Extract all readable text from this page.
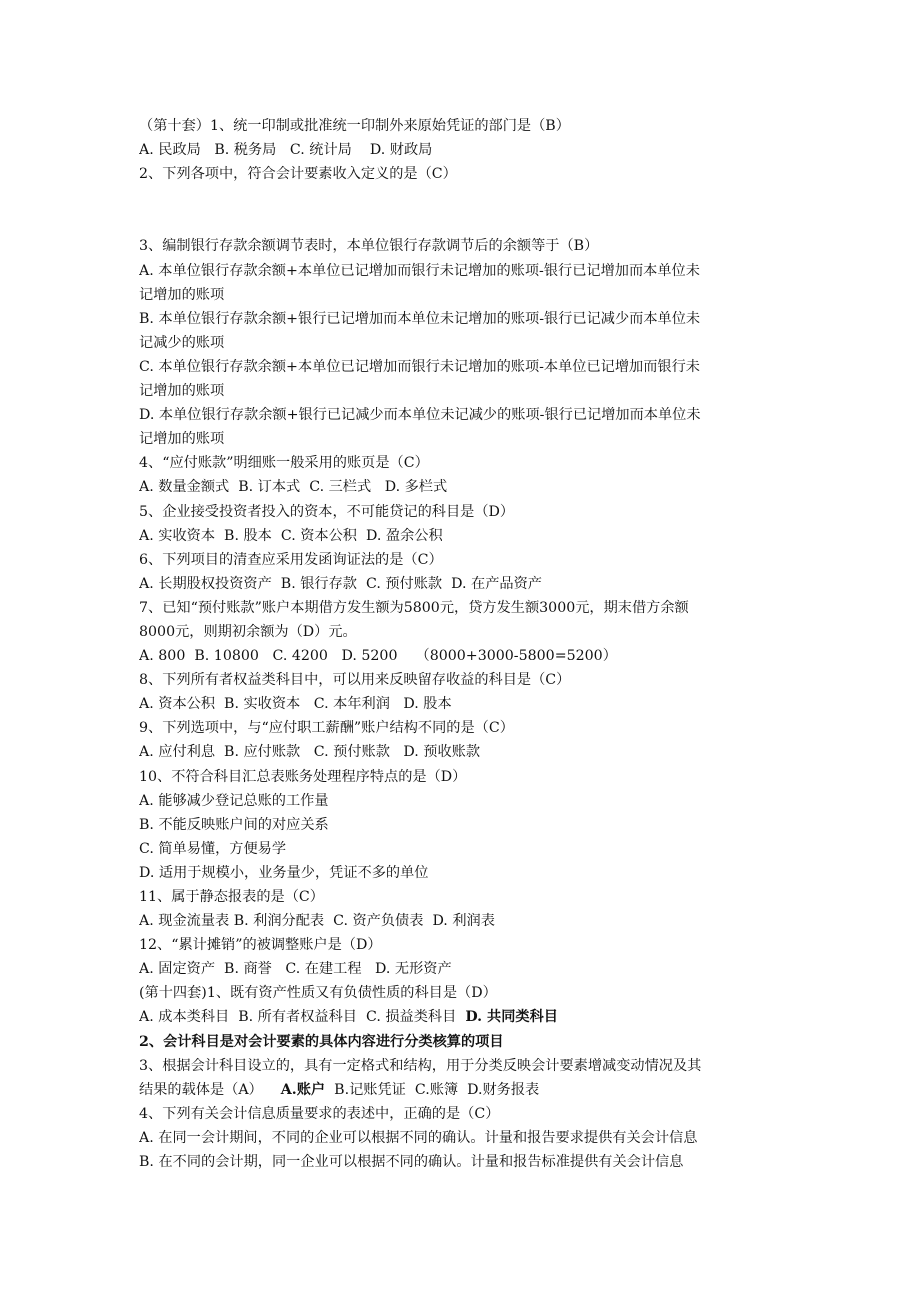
（第十套）1、统一印制或批准统一印制外来原始凭证的部门是（B）
A. 民政局   B. 税务局   C. 统计局    D. 财政局
2、下列各项中，符合会计要素收入定义的是（C）

3、编制银行存款余额调节表时，本单位银行存款调节后的余额等于（B）
A. 本单位银行存款余额+本单位已记增加而银行未记增加的账项-银行已记增加而本单位未
记增加的账项
B. 本单位银行存款余额+银行已记增加而本单位未记增加的账项-银行已记减少而本单位未
记减少的账项
C. 本单位银行存款余额+本单位已记增加而银行未记增加的账项-本单位已记增加而银行未
记增加的账项
D. 本单位银行存款余额+银行已记减少而本单位未记减少的账项-银行已记增加而本单位未
记增加的账项
4、“应付账款”明细账一般采用的账页是（C）
A. 数量金额式  B. 订本式  C. 三栏式   D. 多栏式
5、企业接受投资者投入的资本，不可能贷记的科目是（D）
A. 实收资本  B. 股本  C. 资本公积  D. 盈余公积
6、下列项目的清查应采用发函询证法的是（C）
A. 长期股权投资资产  B. 银行存款  C. 预付账款  D. 在产品资产
7、已知“预付账款”账户本期借方发生额为5800元，贷方发生额3000元，期末借方余额
8000元，则期初余额为（D）元。
A. 800  B. 10800   C. 4200   D. 5200    （8000+3000-5800=5200）
8、下列所有者权益类科目中，可以用来反映留存收益的科目是（C）
A. 资本公积  B. 实收资本   C. 本年利润   D. 股本
9、下列选项中，与“应付职工薪酬”账户结构不同的是（C）
A. 应付利息  B. 应付账款   C. 预付账款   D. 预收账款
10、不符合科目汇总表账务处理程序特点的是（D）
A. 能够减少登记总账的工作量
B. 不能反映账户间的对应关系
C. 简单易懂，方便易学
D. 适用于规模小，业务量少，凭证不多的单位
11、属于静态报表的是（C）
A. 现金流量表 B. 利润分配表  C. 资产负债表  D. 利润表
12、“累计摊销”的被调整账户是（D）
A. 固定资产  B. 商誉   C. 在建工程   D. 无形资产
(第十四套)1、既有资产性质又有负债性质的科目是（D）
A. 成本类科目  B. 所有者权益科目  C. 损益类科目  D. 共同类科目
2、会计科目是对会计要素的具体内容进行分类核算的项目
3、根据会计科目设立的，具有一定格式和结构，用于分类反映会计要素增减变动情况及其
结果的载体是（A）    A.账户  B.记账凭证  C.账簿  D.财务报表
4、下列有关会计信息质量要求的表述中，正确的是（C）
A. 在同一会计期间，不同的企业可以根据不同的确认。计量和报告要求提供有关会计信息
B. 在不同的会计期，同一企业可以根据不同的确认。计量和报告标准提供有关会计信息
